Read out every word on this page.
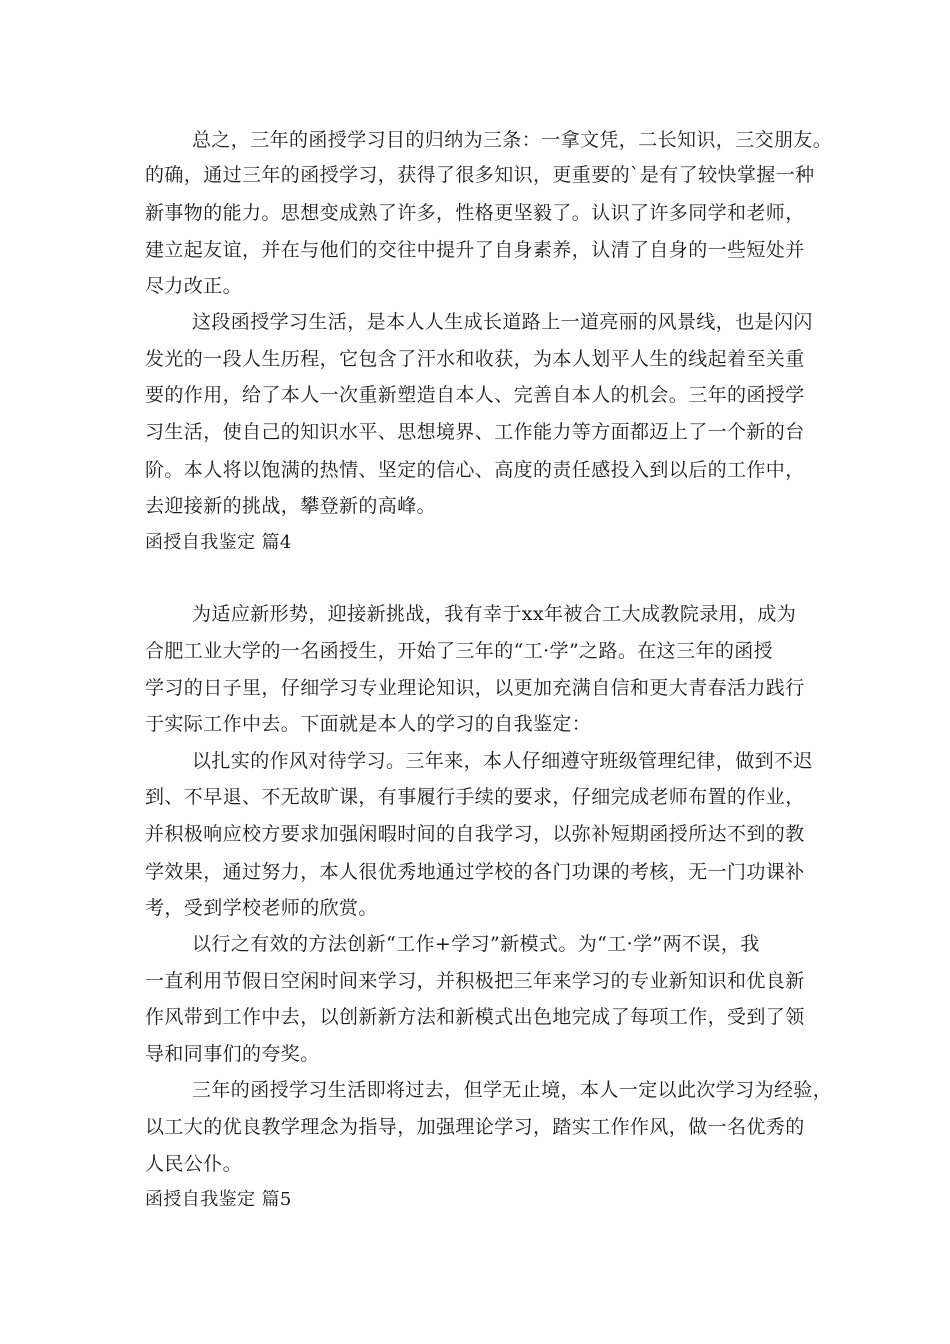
总之，三年的函授学习目的归纳为三条：一拿文凭，二长知识，三交朋友。
的确，通过三年的函授学习，获得了很多知识，更重要的`是有了较快掌握一种
新事物的能力。思想变成熟了许多，性格更坚毅了。认识了许多同学和老师，
建立起友谊，并在与他们的交往中提升了自身素养，认清了自身的一些短处并
尽力改正。
这段函授学习生活，是本人人生成长道路上一道亮丽的风景线，也是闪闪
发光的一段人生历程，它包含了汗水和收获，为本人划平人生的线起着至关重
要的作用，给了本人一次重新塑造自本人、完善自本人的机会。三年的函授学
习生活，使自己的知识水平、思想境界、工作能力等方面都迈上了一个新的台
阶。本人将以饱满的热情、坚定的信心、高度的责任感投入到以后的工作中，
去迎接新的挑战，攀登新的高峰。
函授自我鉴定 篇4
为适应新形势，迎接新挑战，我有幸于xx年被合工大成教院录用，成为
合肥工业大学的一名函授生，开始了三年的“工·学”之路。在这三年的函授
学习的日子里，仔细学习专业理论知识，以更加充满自信和更大青春活力践行
于实际工作中去。下面就是本人的学习的自我鉴定：
以扎实的作风对待学习。三年来，本人仔细遵守班级管理纪律，做到不迟
到、不早退、不无故旷课，有事履行手续的要求，仔细完成老师布置的作业，
并积极响应校方要求加强闲暇时间的自我学习，以弥补短期函授所达不到的教
学效果，通过努力，本人很优秀地通过学校的各门功课的考核，无一门功课补
考，受到学校老师的欣赏。
以行之有效的方法创新“工作+学习”新模式。为“工·学”两不误，我
一直利用节假日空闲时间来学习，并积极把三年来学习的专业新知识和优良新
作风带到工作中去，以创新新方法和新模式出色地完成了每项工作，受到了领
导和同事们的夸奖。
三年的函授学习生活即将过去，但学无止境，本人一定以此次学习为经验，
以工大的优良教学理念为指导，加强理论学习，踏实工作作风，做一名优秀的
人民公仆。
函授自我鉴定 篇5
